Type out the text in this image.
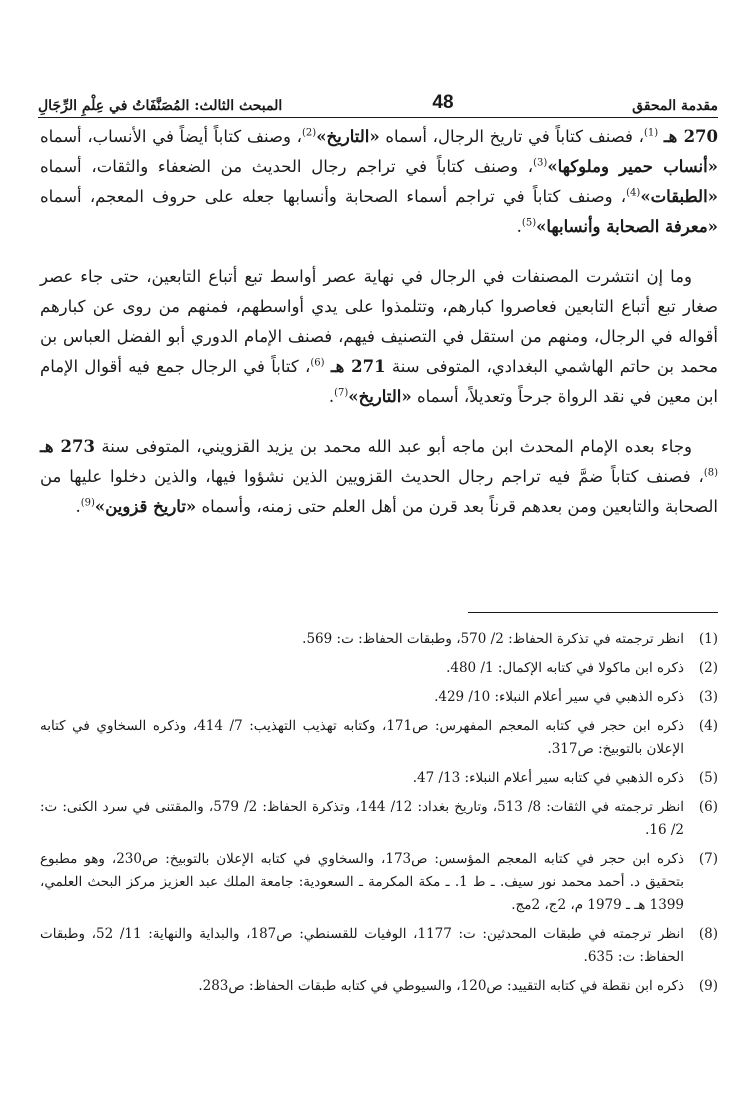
مقدمة المحقق
48
المبحث الثالث: المُصَنَّفَاتُ في عِلْمِ الرِّجَالِ

270 هـ $^{(1)}$، فصنف كتاباً في تاريخ الرجال، أسماه «التاريخ»$^{(2)}$، وصنف كتاباً أيضاً في الأنساب، أسماه «أنساب حمير وملوكها»$^{(3)}$، وصنف كتاباً في تراجم رجال الحديث من الضعفاء والثقات، أسماه «الطبقات»$^{(4)}$، وصنف كتاباً في تراجم أسماء الصحابة وأنسابها جعله على حروف المعجم، أسماه «معرفة الصحابة وأنسابها»$^{(5)}$.

وما إن انتشرت المصنفات في الرجال في نهاية عصر أواسط تبع أتباع التابعين، حتى جاء عصر صغار تبع أتباع التابعين فعاصروا كبارهم، وتتلمذوا على يدي أواسطهم، فمنهم من روى عن كبارهم أقواله في الرجال، ومنهم من استقل في التصنيف فيهم، فصنف الإمام الدوري أبو الفضل العباس بن محمد بن حاتم الهاشمي البغدادي، المتوفى سنة 271 هـ $^{(6)}$، كتاباً في الرجال جمع فيه أقوال الإمام ابن معين في نقد الرواة جرحاً وتعديلاً، أسماه «التاريخ»$^{(7)}$.

وجاء بعده الإمام المحدث ابن ماجه أبو عبد الله محمد بن يزيد القزويني، المتوفى سنة 273 هـ $^{(8)}$، فصنف كتاباً ضمَّ فيه تراجم رجال الحديث القزويين الذين نشؤوا فيها، والذين دخلوا عليها من الصحابة والتابعين ومن بعدهم قرناً بعد قرن من أهل العلم حتى زمنه، وأسماه «تاريخ قزوين»$^{(9)}$.

(1)
انظر ترجمته في تذكرة الحفاظ: 2/ 570، وطبقات الحفاظ: ت: 569.
(2)
ذكره ابن ماكولا في كتابه الإكمال: 1/ 480.
(3)
ذكره الذهبي في سير أعلام النبلاء: 10/ 429.
(4)
ذكره ابن حجر في كتابه المعجم المفهرس: ص171، وكتابه تهذيب التهذيب: 7/ 414، وذكره السخاوي في كتابه الإعلان بالتوبيخ: ص317.
(5)
ذكره الذهبي في كتابه سير أعلام النبلاء: 13/ 47.
(6)
انظر ترجمته في الثقات: 8/ 513، وتاريخ بغداد: 12/ 144، وتذكرة الحفاظ: 2/ 579، والمقتنى في سرد الكنى: ت: 2/ 16.
(7)
ذكره ابن حجر في كتابه المعجم المؤسس: ص173، والسخاوي في كتابه الإعلان بالتوبيخ: ص230، وهو مطبوع بتحقيق د. أحمد محمد نور سيف. ـ ط 1. ـ مكة المكرمة ـ السعودية: جامعة الملك عبد العزيز مركز البحث العلمي، 1399 هـ ـ 1979 م، 2ج، 2مج.
(8)
انظر ترجمته في طبقات المحدثين: ت: 1177، الوفيات للقسنطي: ص187، والبداية والنهاية: 11/ 52، وطبقات الحفاظ: ت: 635.
(9)
ذكره ابن نقطة في كتابه التقييد: ص120، والسيوطي في كتابه طبقات الحفاظ: ص283.
